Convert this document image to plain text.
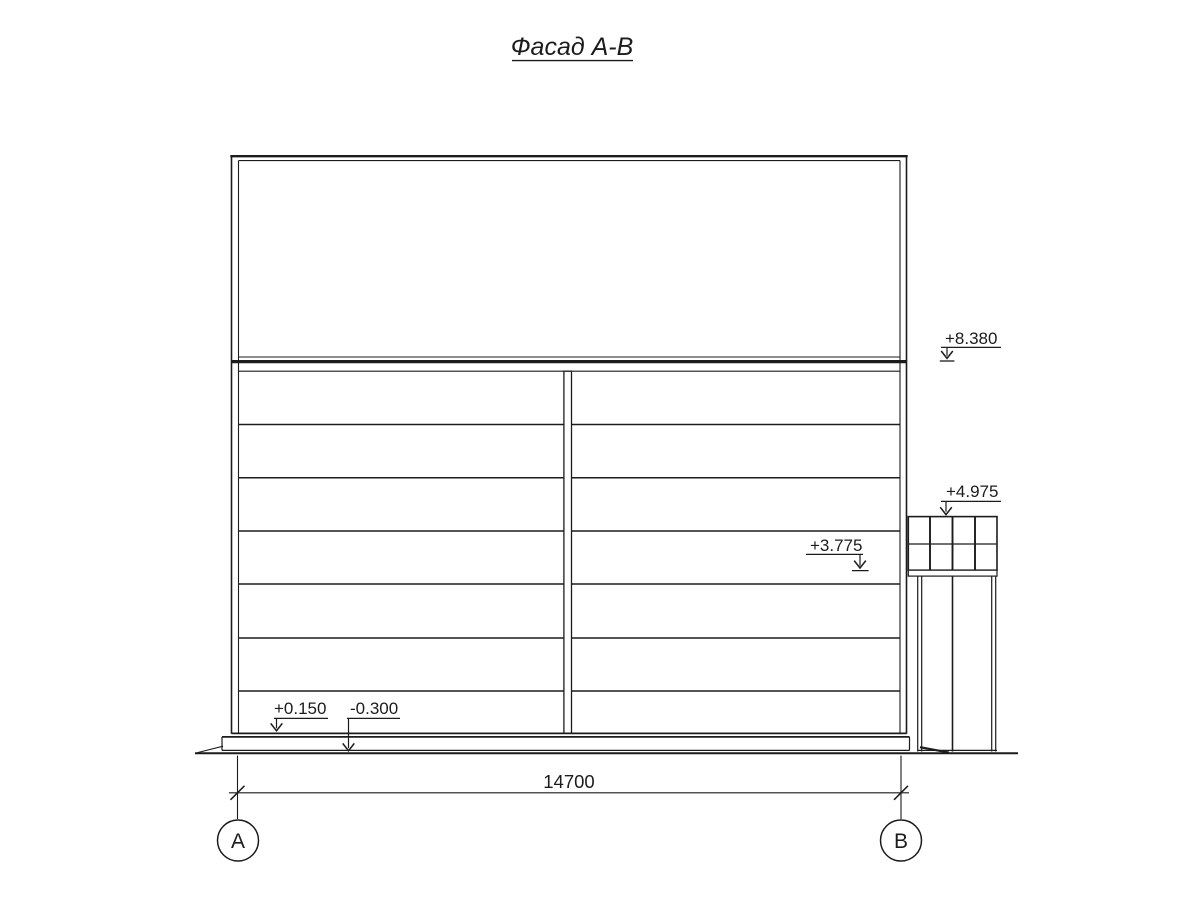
Фасад А-В
+8.380
+4.975
+3.775
+0.150 -0.300
14700
А	В
